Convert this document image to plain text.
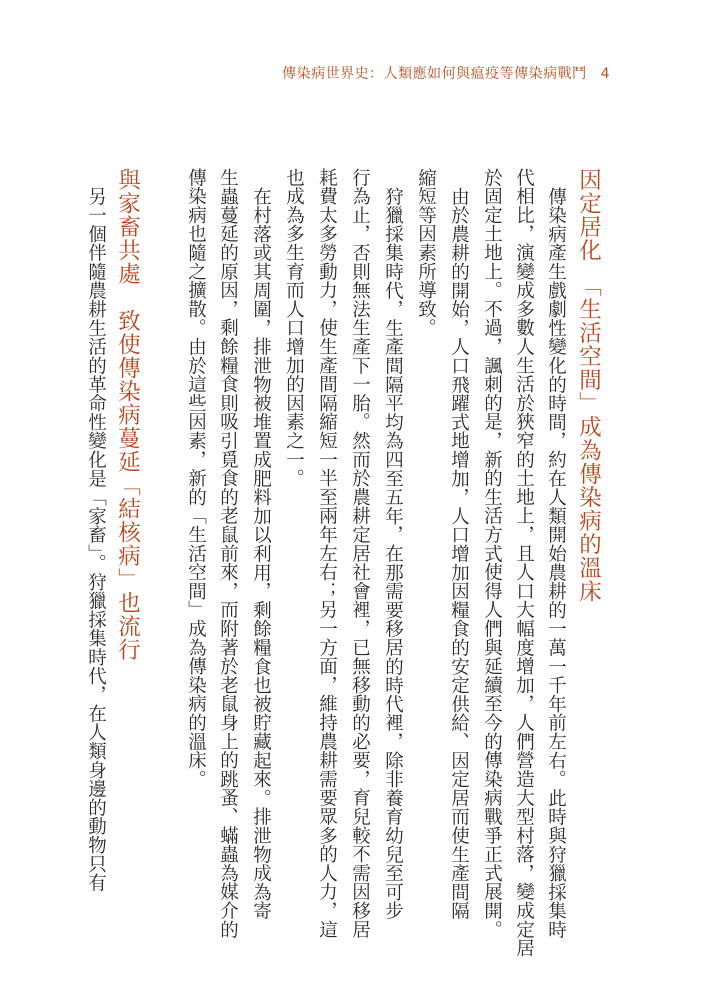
傳染病世界史：人類應如何與瘟疫等傳染病戰鬥 4
因定居化　「生活空間」成為傳染病的溫床
傳染病產生戲劇性變化的時間，約在人類開始農耕的一萬一千年前左右。此時與狩獵採集時
代相比，演變成多數人生活於狹窄的土地上，且人口大幅度增加，人們營造大型村落，變成定居
於固定土地上。不過，諷刺的是，新的生活方式使得人們與延續至今的傳染病戰爭正式展開。
由於農耕的開始，人口飛躍式地增加，人口增加因糧食的安定供給、因定居而使生產間隔
縮短等因素所導致。
狩獵採集時代，生產間隔平均為四至五年，在那需要移居的時代裡，除非養育幼兒至可步
行為止，否則無法生產下一胎。然而於農耕定居社會裡，已無移動的必要，育兒較不需因移居
耗費太多勞動力，使生產間隔縮短一半至兩年左右；另一方面，維持農耕需要眾多的人力，這
也成為多生育而人口增加的因素之一。
在村落或其周圍，排泄物被堆置成肥料加以利用，剩餘糧食也被貯藏起來。排泄物成為寄
生蟲蔓延的原因，剩餘糧食則吸引覓食的老鼠前來，而附著於老鼠身上的跳蚤、蟎蟲為媒介的
傳染病也隨之擴散。由於這些因素，新的「生活空間」成為傳染病的溫床。
與家畜共處　致使傳染病蔓延「結核病」也流行
另一個伴隨農耕生活的革命性變化是「家畜」。狩獵採集時代，在人類身邊的動物只有
